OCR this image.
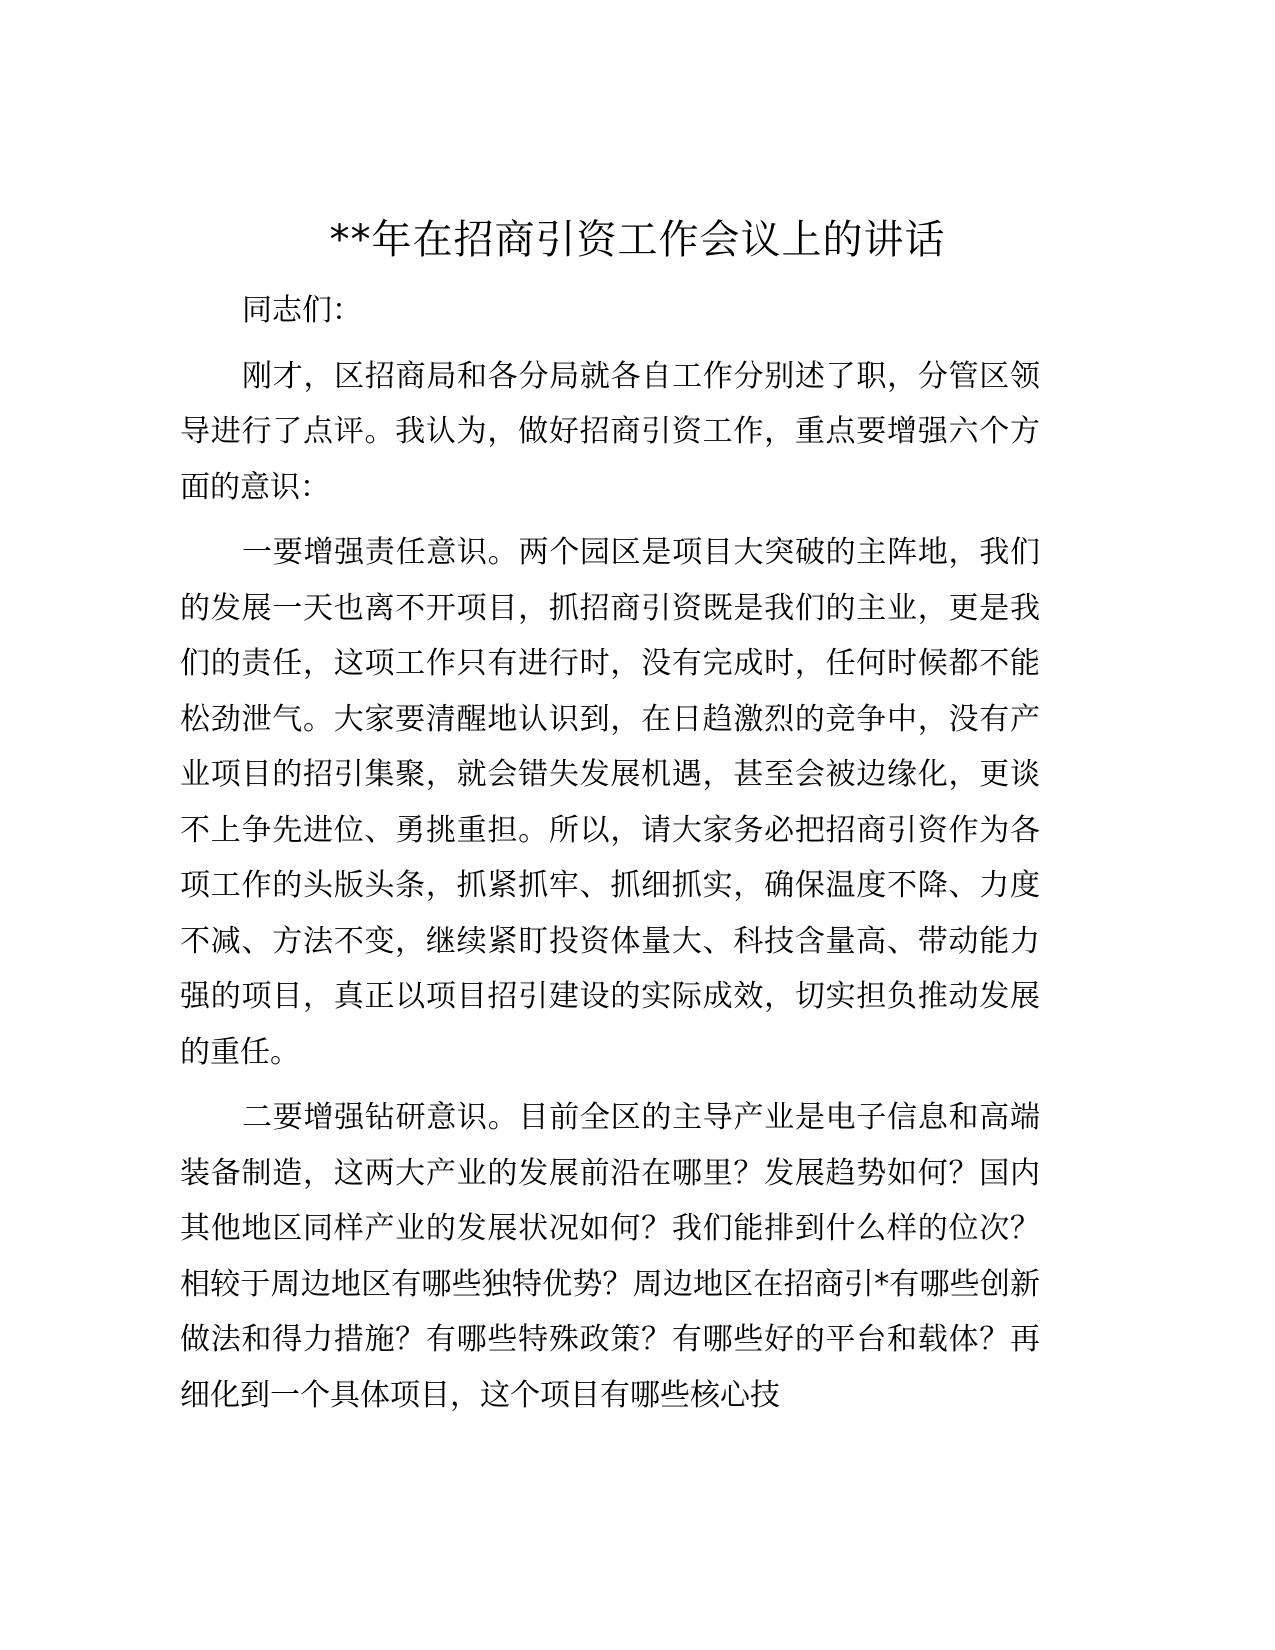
**年在招商引资工作会议上的讲话

同志们：

刚才，区招商局和各分局就各自工作分别述了职，分管区领导进行了点评。我认为，做好招商引资工作，重点要增强六个方面的意识：

一要增强责任意识。两个园区是项目大突破的主阵地，我们的发展一天也离不开项目，抓招商引资既是我们的主业，更是我们的责任，这项工作只有进行时，没有完成时，任何时候都不能松劲泄气。大家要清醒地认识到，在日趋激烈的竞争中，没有产业项目的招引集聚，就会错失发展机遇，甚至会被边缘化，更谈不上争先进位、勇挑重担。所以，请大家务必把招商引资作为各项工作的头版头条，抓紧抓牢、抓细抓实，确保温度不降、力度不减、方法不变，继续紧盯投资体量大、科技含量高、带动能力强的项目，真正以项目招引建设的实际成效，切实担负推动发展的重任。

二要增强钻研意识。目前全区的主导产业是电子信息和高端装备制造，这两大产业的发展前沿在哪里？发展趋势如何？国内其他地区同样产业的发展状况如何？我们能排到什么样的位次？相较于周边地区有哪些独特优势？周边地区在招商引*有哪些创新做法和得力措施？有哪些特殊政策？有哪些好的平台和载体？再细化到一个具体项目，这个项目有哪些核心技
